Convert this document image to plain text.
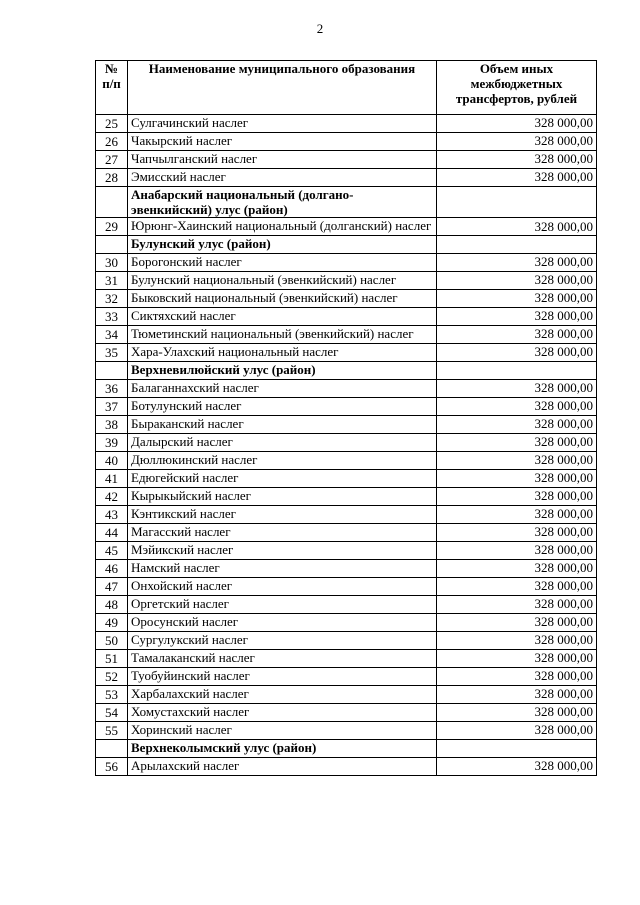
2
№
п/п	Наименование муниципального образования	Объем иных межбюджетных трансфертов, рублей
25	Сулгачинский наслег	328 000,00
26	Чакырский наслег	328 000,00
27	Чапчылганский наслег	328 000,00
28	Эмисский наслег	328 000,00
	Анабарский национальный (долгано-эвенкийский) улус (район)	
29	Юрюнг-Хаинский национальный (долганский) наслег	328 000,00
	Булунский улус (район)	
30	Борогонский наслег	328 000,00
31	Булунский национальный (эвенкийский) наслег	328 000,00
32	Быковский национальный (эвенкийский) наслег	328 000,00
33	Сиктяхский наслег	328 000,00
34	Тюметинский национальный (эвенкийский) наслег	328 000,00
35	Хара-Улахский национальный наслег	328 000,00
	Верхневилюйский улус (район)	
36	Балаганнахский наслег	328 000,00
37	Ботулунский наслег	328 000,00
38	Быраканский наслег	328 000,00
39	Далырский наслег	328 000,00
40	Дюллюкинский наслег	328 000,00
41	Едюгейский наслег	328 000,00
42	Кырыкыйский наслег	328 000,00
43	Кэнтикский наслег	328 000,00
44	Магасский наслег	328 000,00
45	Мэйикский наслег	328 000,00
46	Намский наслег	328 000,00
47	Онхойский наслег	328 000,00
48	Оргетский наслег	328 000,00
49	Оросунский наслег	328 000,00
50	Сургулукский наслег	328 000,00
51	Тамалаканский наслег	328 000,00
52	Туобуйинский наслег	328 000,00
53	Харбалахский наслег	328 000,00
54	Хомустахский наслег	328 000,00
55	Хоринский наслег	328 000,00
	Верхнеколымский улус (район)	
56	Арылахский наслег	328 000,00
